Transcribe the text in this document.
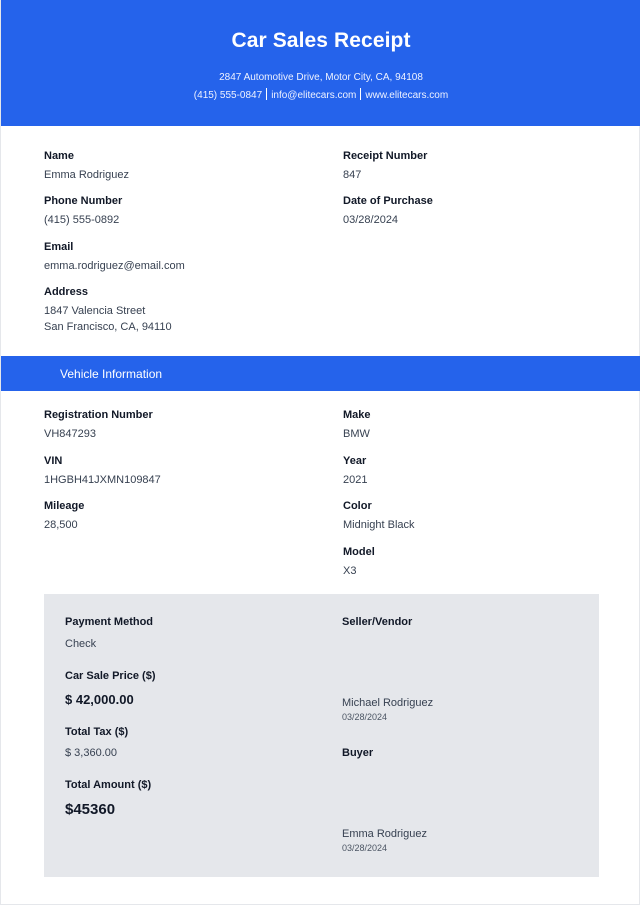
Car Sales Receipt
2847 Automotive Drive, Motor City, CA, 94108
(415) 555-0847 info@elitecars.com www.elitecars.com
Name
Emma Rodriguez
Phone Number
(415) 555-0892
Email
emma.rodriguez@email.com
Address
1847 Valencia Street
San Francisco, CA, 94110
Receipt Number
847
Date of Purchase
03/28/2024
Vehicle Information
Registration Number
VH847293
VIN
1HGBH41JXMN109847
Mileage
28,500
Make
BMW
Year
2021
Color
Midnight Black
Model
X3
Payment Method
Check
Car Sale Price ($)
$ 42,000.00
Total Tax ($)
$ 3,360.00
Total Amount ($)
$45360
Seller/Vendor
Michael Rodriguez
03/28/2024
Buyer
Emma Rodriguez
03/28/2024
